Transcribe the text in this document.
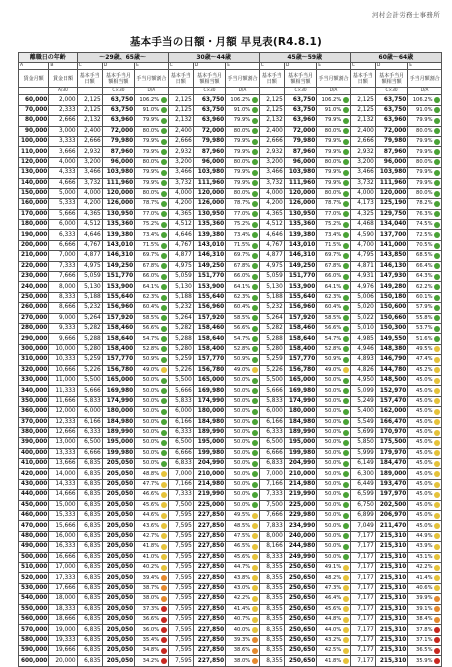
河村会計労務士事務所
基本手当の日額・月額 早見表(R4.8.1)
離職日の年齢		～29歳、65歳～			30歳～44歳			45歳～59歳			60歳～64歳		
A	B	C	D	E	C	D	E	C	D	E	C	D	E
賃金月額	賃金日額	基本手当日額	基本手当月額相当額	手当月額割合	基本手当日額	基本手当月額相当額	手当月額割合	基本手当日額	基本手当月額相当額	手当月額割合	基本手当日額	基本手当月額相当額	手当月額割合
	A/30		C×30	D/A		C×30	D/A		C×30	D/A		C×30	D/A
60,000	2,000	2,125	63,750	106.2%	2,125	63,750	106.2%	2,125	63,750	106.2%	2,125	63,750	106.2%

70,000	2,333	2,125	63,750	91.0%	2,125	63,750	91.0%	2,125	63,750	91.0%	2,125	63,750	91.0%

80,000	2,666	2,132	63,960	79.9%	2,132	63,960	79.9%	2,132	63,960	79.9%	2,132	63,960	79.9%

90,000	3,000	2,400	72,000	80.0%	2,400	72,000	80.0%	2,400	72,000	80.0%	2,400	72,000	80.0%

100,000	3,333	2,666	79,980	79.9%	2,666	79,980	79.9%	2,666	79,980	79.9%	2,666	79,980	79.9%

110,000	3,666	2,932	87,960	79.9%	2,932	87,960	79.9%	2,932	87,960	79.9%	2,932	87,960	79.9%

120,000	4,000	3,200	96,000	80.0%	3,200	96,000	80.0%	3,200	96,000	80.0%	3,200	96,000	80.0%

130,000	4,333	3,466	103,980	79.9%	3,466	103,980	79.9%	3,466	103,980	79.9%	3,466	103,980	79.9%

140,000	4,666	3,732	111,960	79.9%	3,732	111,960	79.9%	3,732	111,960	79.9%	3,732	111,960	79.9%

150,000	5,000	4,000	120,000	80.0%	4,000	120,000	80.0%	4,000	120,000	80.0%	4,000	120,000	80.0%

160,000	5,333	4,200	126,000	78.7%	4,200	126,000	78.7%	4,200	126,000	78.7%	4,173	125,190	78.2%

170,000	5,666	4,365	130,950	77.0%	4,365	130,950	77.0%	4,365	130,950	77.0%	4,325	129,750	76.3%

180,000	6,000	4,512	135,360	75.2%	4,512	135,360	75.2%	4,512	135,360	75.2%	4,468	134,040	74.5%

190,000	6,333	4,646	139,380	73.4%	4,646	139,380	73.4%	4,646	139,380	73.4%	4,590	137,700	72.5%

200,000	6,666	4,767	143,010	71.5%	4,767	143,010	71.5%	4,767	143,010	71.5%	4,700	141,000	70.5%

210,000	7,000	4,877	146,310	69.7%	4,877	146,310	69.7%	4,877	146,310	69.7%	4,795	143,850	68.5%

220,000	7,333	4,975	149,250	67.8%	4,975	149,250	67.8%	4,975	149,250	67.8%	4,871	146,130	66.4%

230,000	7,666	5,059	151,770	66.0%	5,059	151,770	66.0%	5,059	151,770	66.0%	4,931	147,930	64.3%

240,000	8,000	5,130	153,900	64.1%	5,130	153,900	64.1%	5,130	153,900	64.1%	4,976	149,280	62.2%

250,000	8,333	5,188	155,640	62.3%	5,188	155,640	62.3%	5,188	155,640	62.3%	5,006	150,180	60.1%

260,000	8,666	5,232	156,960	60.4%	5,232	156,960	60.4%	5,232	156,960	60.4%	5,020	150,600	57.9%

270,000	9,000	5,264	157,920	58.5%	5,264	157,920	58.5%	5,264	157,920	58.5%	5,022	150,660	55.8%

280,000	9,333	5,282	158,460	56.6%	5,282	158,460	56.6%	5,282	158,460	56.6%	5,010	150,300	53.7%

290,000	9,666	5,288	158,640	54.7%	5,288	158,640	54.7%	5,288	158,640	54.7%	4,985	149,550	51.6%

300,000	10,000	5,280	158,400	52.8%	5,280	158,400	52.8%	5,280	158,400	52.8%	4,946	148,380	49.5%

310,000	10,333	5,259	157,770	50.9%	5,259	157,770	50.9%	5,259	157,770	50.9%	4,893	146,790	47.4%

320,000	10,666	5,226	156,780	49.0%	5,226	156,780	49.0%	5,226	156,780	49.0%	4,826	144,780	45.2%

330,000	11,000	5,500	165,000	50.0%	5,500	165,000	50.0%	5,500	165,000	50.0%	4,950	148,500	45.0%

340,000	11,333	5,666	169,980	50.0%	5,666	169,980	50.0%	5,666	169,980	50.0%	5,099	152,970	45.0%

350,000	11,666	5,833	174,990	50.0%	5,833	174,990	50.0%	5,833	174,990	50.0%	5,249	157,470	45.0%

360,000	12,000	6,000	180,000	50.0%	6,000	180,000	50.0%	6,000	180,000	50.0%	5,400	162,000	45.0%

370,000	12,333	6,166	184,980	50.0%	6,166	184,980	50.0%	6,166	184,980	50.0%	5,549	166,470	45.0%

380,000	12,666	6,333	189,990	50.0%	6,333	189,990	50.0%	6,333	189,990	50.0%	5,699	170,970	45.0%

390,000	13,000	6,500	195,000	50.0%	6,500	195,000	50.0%	6,500	195,000	50.0%	5,850	175,500	45.0%

400,000	13,333	6,666	199,980	50.0%	6,666	199,980	50.0%	6,666	199,980	50.0%	5,999	179,970	45.0%

410,000	13,666	6,835	205,050	50.0%	6,833	204,990	50.0%	6,833	204,990	50.0%	6,149	184,470	45.0%

420,000	14,000	6,835	205,050	48.8%	7,000	210,000	50.0%	7,000	210,000	50.0%	6,300	189,000	45.0%

430,000	14,333	6,835	205,050	47.7%	7,166	214,980	50.0%	7,166	214,980	50.0%	6,449	193,470	45.0%

440,000	14,666	6,835	205,050	46.6%	7,333	219,990	50.0%	7,333	219,990	50.0%	6,599	197,970	45.0%

450,000	15,000	6,835	205,050	45.6%	7,500	225,000	50.0%	7,500	225,000	50.0%	6,750	202,500	45.0%

460,000	15,333	6,835	205,050	44.6%	7,595	227,850	49.5%	7,666	229,980	50.0%	6,899	206,970	45.0%

470,000	15,666	6,835	205,050	43.6%	7,595	227,850	48.5%	7,833	234,990	50.0%	7,049	211,470	45.0%

480,000	16,000	6,835	205,050	42.7%	7,595	227,850	47.5%	8,000	240,000	50.0%	7,177	215,310	44.9%

490,000	16,333	6,835	205,050	41.8%	7,595	227,850	46.5%	8,166	244,980	50.0%	7,177	215,310	43.9%

500,000	16,666	6,835	205,050	41.0%	7,595	227,850	45.6%	8,333	249,990	50.0%	7,177	215,310	43.1%

510,000	17,000	6,835	205,050	40.2%	7,595	227,850	44.7%	8,355	250,650	49.1%	7,177	215,310	42.2%

520,000	17,333	6,835	205,050	39.4%	7,595	227,850	43.8%	8,355	250,650	48.2%	7,177	215,310	41.4%

530,000	17,666	6,835	205,050	38.7%	7,595	227,850	43.0%	8,355	250,650	47.3%	7,177	215,310	40.6%

540,000	18,000	6,835	205,050	38.0%	7,595	227,850	42.2%	8,355	250,650	46.4%	7,177	215,310	39.9%

550,000	18,333	6,835	205,050	37.3%	7,595	227,850	41.4%	8,355	250,650	45.6%	7,177	215,310	39.1%

560,000	18,666	6,835	205,050	36.6%	7,595	227,850	40.7%	8,355	250,650	44.8%	7,177	215,310	38.4%

570,000	19,000	6,835	205,050	36.0%	7,595	227,850	40.0%	8,355	250,650	44.0%	7,177	215,310	37.8%

580,000	19,333	6,835	205,050	35.4%	7,595	227,850	39.3%	8,355	250,650	43.2%	7,177	215,310	37.1%

590,000	19,666	6,835	205,050	34.8%	7,595	227,850	38.6%	8,355	250,650	42.5%	7,177	215,310	36.5%

600,000	20,000	6,835	205,050	34.2%	7,595	227,850	38.0%	8,355	250,650	41.8%	7,177	215,310	35.9%
